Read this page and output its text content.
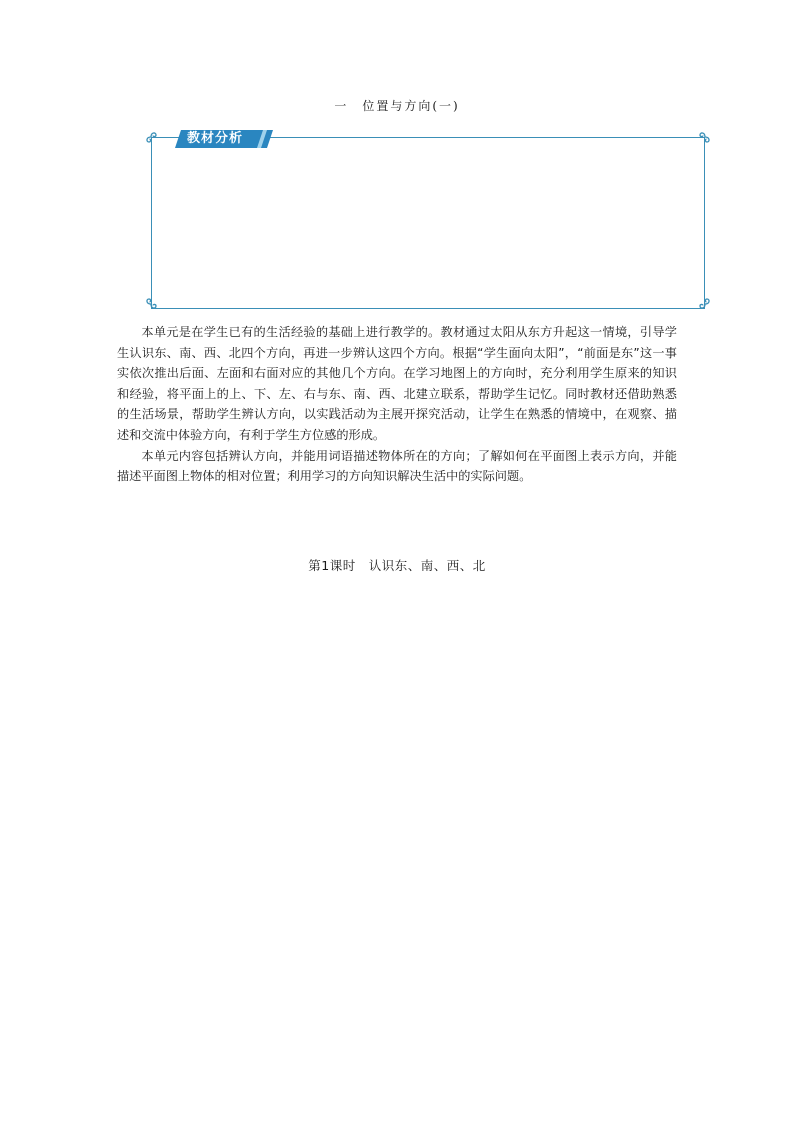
一　位置与方向(一)
教材分析

本单元是在学生已有的生活经验的基础上进行教学的。教材通过太阳从东方升起这一情境，引导学生认识东、南、西、北四个方向，再进一步辨认这四个方向。根据“学生面向太阳”，“前面是东”这一事实依次推出后面、左面和右面对应的其他几个方向。在学习地图上的方向时，充分利用学生原来的知识和经验，将平面上的上、下、左、右与东、南、西、北建立联系，帮助学生记忆。同时教材还借助熟悉的生活场景，帮助学生辨认方向，以实践活动为主展开探究活动，让学生在熟悉的情境中，在观察、描述和交流中体验方向，有利于学生方位感的形成。

本单元内容包括辨认方向，并能用词语描述物体所在的方向；了解如何在平面图上表示方向，并能描述平面图上物体的相对位置；利用学习的方向知识解决生活中的实际问题。

第1课时　认识东、南、西、北
